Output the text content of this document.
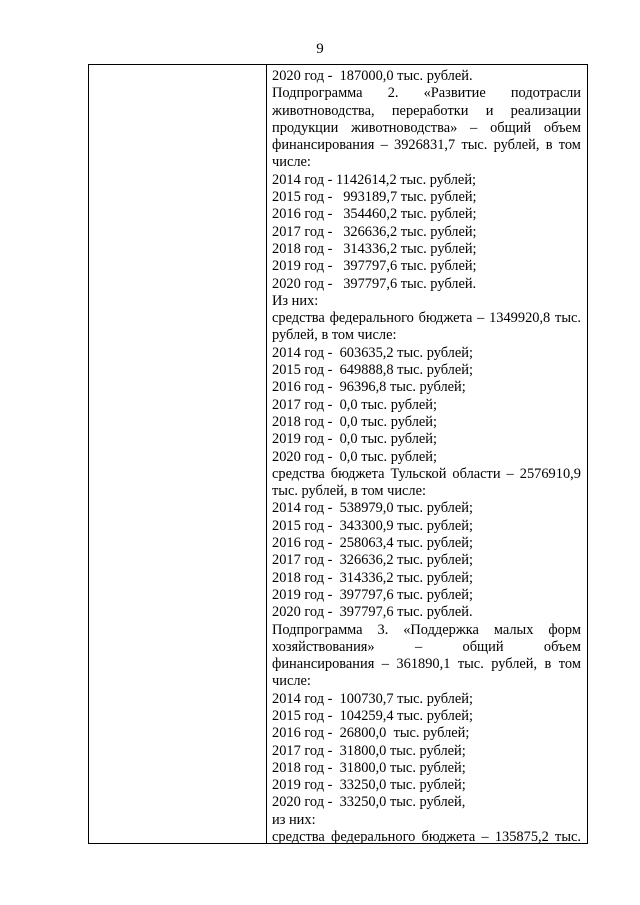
9
2020 год -  187000,0 тыс. рублей.
Подпрограмма 2. «Развитие подотрасли
животноводства, переработки и реализации
продукции животноводства» – общий объем
финансирования – 3926831,7 тыс. рублей, в том
числе:
2014 год - 1142614,2 тыс. рублей;
2015 год -   993189,7 тыс. рублей;
2016 год -   354460,2 тыс. рублей;
2017 год -   326636,2 тыс. рублей;
2018 год -   314336,2 тыс. рублей;
2019 год -   397797,6 тыс. рублей;
2020 год -   397797,6 тыс. рублей.
Из них:
средства федерального бюджета – 1349920,8 тыс.
рублей, в том числе:
2014 год -  603635,2 тыс. рублей;
2015 год -  649888,8 тыс. рублей;
2016 год -  96396,8 тыс. рублей;
2017 год -  0,0 тыс. рублей;
2018 год -  0,0 тыс. рублей;
2019 год -  0,0 тыс. рублей;
2020 год -  0,0 тыс. рублей;
средства бюджета Тульской области – 2576910,9
тыс. рублей, в том числе:
2014 год -  538979,0 тыс. рублей;
2015 год -  343300,9 тыс. рублей;
2016 год -  258063,4 тыс. рублей;
2017 год -  326636,2 тыс. рублей;
2018 год -  314336,2 тыс. рублей;
2019 год -  397797,6 тыс. рублей;
2020 год -  397797,6 тыс. рублей.
Подпрограмма 3. «Поддержка малых форм
хозяйствования»	–	общий	объем
финансирования – 361890,1 тыс. рублей, в том
числе:
2014 год -  100730,7 тыс. рублей;
2015 год -  104259,4 тыс. рублей;
2016 год -  26800,0  тыс. рублей;
2017 год -  31800,0 тыс. рублей;
2018 год -  31800,0 тыс. рублей;
2019 год -  33250,0 тыс. рублей;
2020 год -  33250,0 тыс. рублей,
из них:
средства федерального бюджета – 135875,2 тыс.
